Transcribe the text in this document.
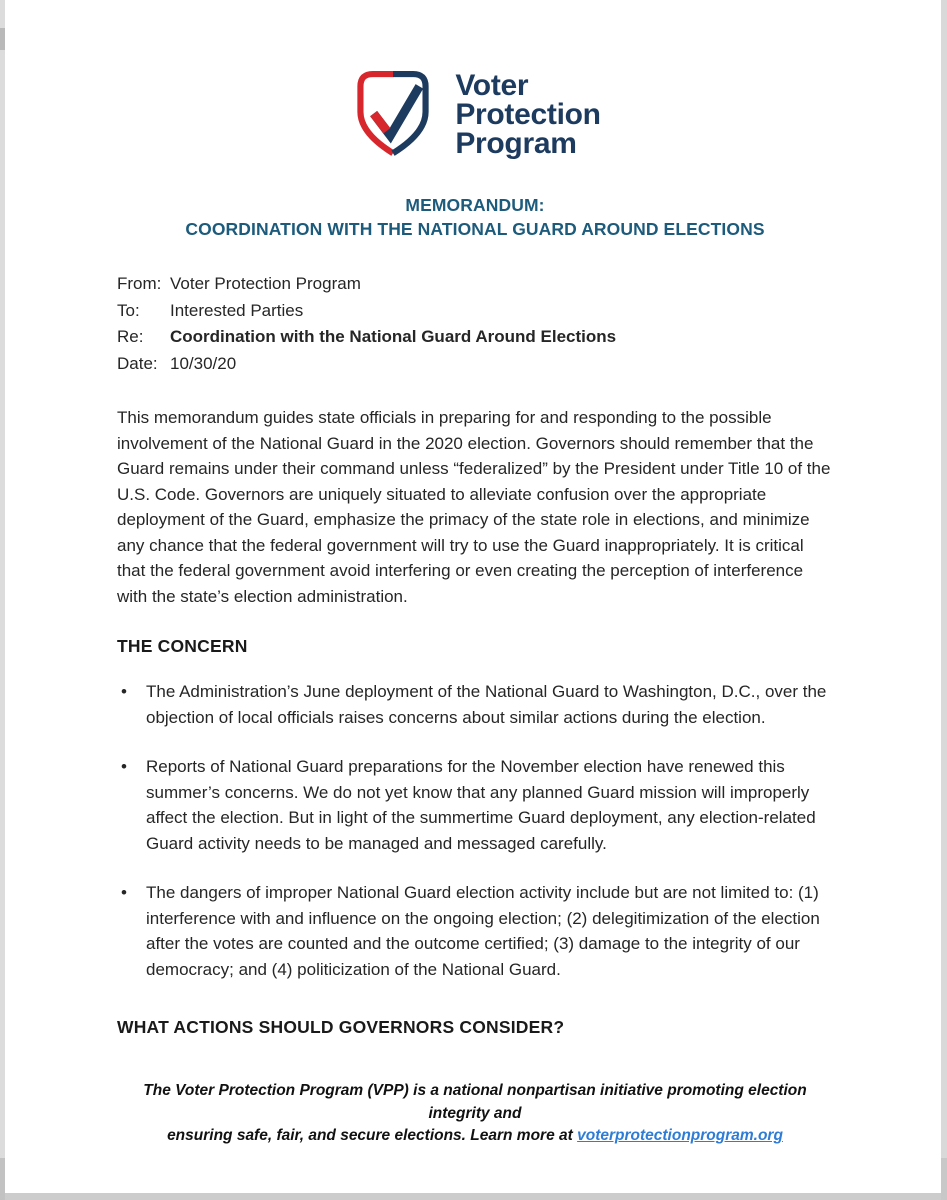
Voter
Protection
Program
MEMORANDUM:
COORDINATION WITH THE NATIONAL GUARD AROUND ELECTIONS
From: Voter Protection Program
To:	Interested Parties
Re:	Coordination with the National Guard Around Elections
Date: 10/30/20

This memorandum guides state officials in preparing for and responding to the possible involvement of the National Guard in the 2020 election. Governors should remember that the Guard remains under their command unless “federalized” by the President under Title 10 of the U.S. Code. Governors are uniquely situated to alleviate confusion over the appropriate deployment of the Guard, emphasize the primacy of the state role in elections, and minimize any chance that the federal government will try to use the Guard inappropriately. It is critical that the federal government avoid interfering or even creating the perception of interference with the state’s election administration.

THE CONCERN
• The Administration’s June deployment of the National Guard to Washington, D.C., over the objection of local officials raises concerns about similar actions during the election.
• Reports of National Guard preparations for the November election have renewed this summer’s concerns. We do not yet know that any planned Guard mission will improperly affect the election. But in light of the summertime Guard deployment, any election-related Guard activity needs to be managed and messaged carefully.
• The dangers of improper National Guard election activity include but are not limited to: (1) interference with and influence on the ongoing election; (2) delegitimization of the election after the votes are counted and the outcome certified; (3) damage to the integrity of our democracy; and (4) politicization of the National Guard.
WHAT ACTIONS SHOULD GOVERNORS CONSIDER?
The Voter Protection Program (VPP) is a national nonpartisan initiative promoting election integrity and
ensuring safe, fair, and secure elections. Learn more at voterprotectionprogram.org
